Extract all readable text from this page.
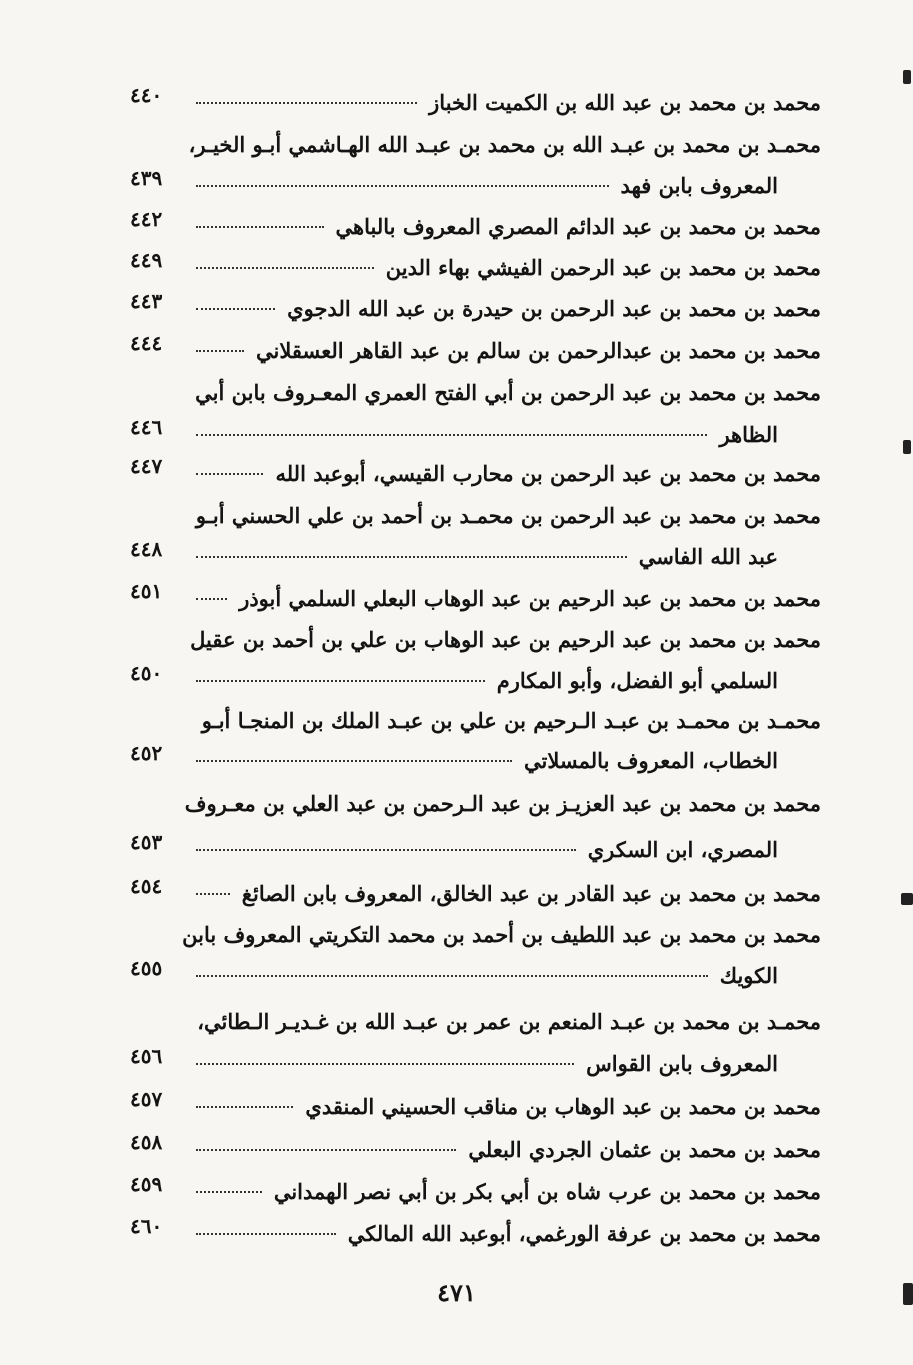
محمد بن محمد بن عبد الله بن الكميت الخباز
٤٤٠
محمـد بن محمد بن عبـد الله بن محمد بن عبـد الله الهـاشمي أبـو الخيـر،
المعروف بابن فهد
٤٣٩
محمد بن محمد بن عبد الدائم المصري المعروف بالباهي
٤٤٢
محمد بن محمد بن عبد الرحمن الفيشي بهاء الدين
٤٤٩
محمد بن محمد بن عبد الرحمن بن حيدرة بن عبد الله الدجوي
٤٤٣
محمد بن محمد بن عبدالرحمن بن سالم بن عبد القاهر العسقلاني
٤٤٤
محمد بن محمد بن عبد الرحمن بن أبي الفتح العمري المعـروف بابن أبي
الظاهر
٤٤٦
محمد بن محمد بن عبد الرحمن بن محارب القيسي، أبوعبد الله
٤٤٧
محمد بن محمد بن عبد الرحمن بن محمـد بن أحمد بن علي الحسني أبـو
عبد الله الفاسي
٤٤٨
محمد بن محمد بن عبد الرحيم بن عبد الوهاب البعلي السلمي أبوذر
٤٥١
محمد بن محمد بن عبد الرحيم بن عبد الوهاب بن علي بن أحمد بن عقيل
السلمي أبو الفضل، وأبو المكارم
٤٥٠
محمـد بن محمـد بن عبـد الـرحيم بن علي بن عبـد الملك بن المنجـا أبـو
الخطاب، المعروف بالمسلاتي
٤٥٢
محمد بن محمد بن عبد العزيـز بن عبد الـرحمن بن عبد العلي بن معـروف
المصري، ابن السكري
٤٥٣
محمد بن محمد بن عبد القادر بن عبد الخالق، المعروف بابن الصائغ
٤٥٤
محمد بن محمد بن عبد اللطيف بن أحمد بن محمد التكريتي المعروف بابن
الكويك
٤٥٥
محمـد بن محمد بن عبـد المنعم بن عمر بن عبـد الله بن غـديـر الـطائي،
المعروف بابن القواس
٤٥٦
محمد بن محمد بن عبد الوهاب بن مناقب الحسيني المنقدي
٤٥٧
محمد بن محمد بن عثمان الجردي البعلي
٤٥٨
محمد بن محمد بن عرب شاه بن أبي بكر بن أبي نصر الهمداني
٤٥٩
محمد بن محمد بن عرفة الورغمي، أبوعبد الله المالكي
٤٦٠
٤٧١
